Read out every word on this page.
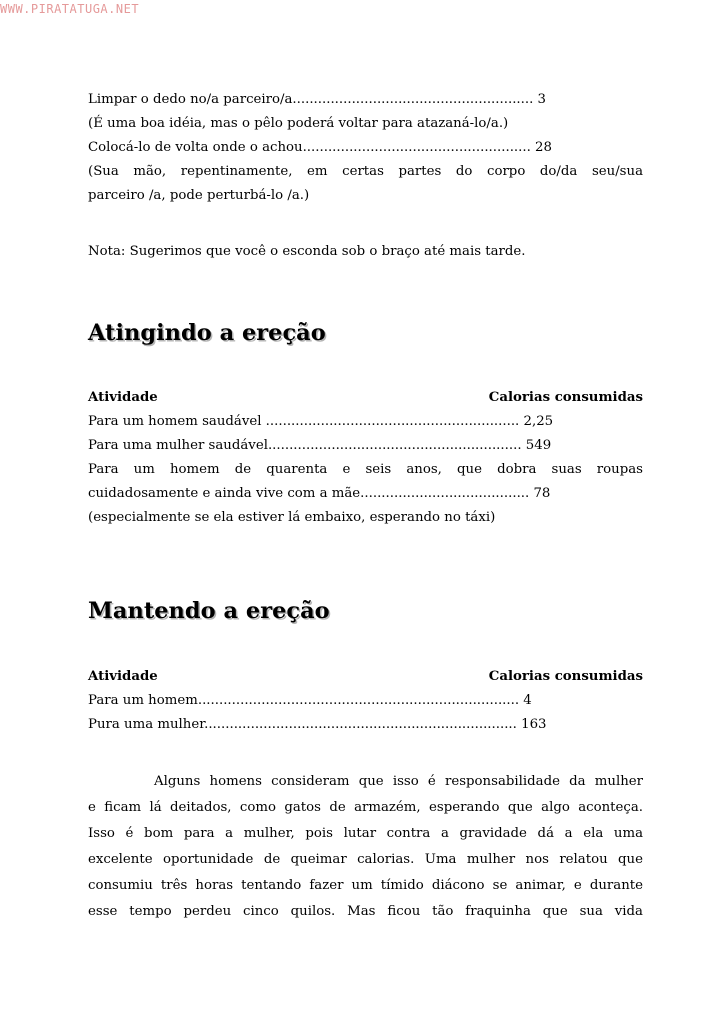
WWW.PIRATATUGA.NET
Limpar o dedo no/a parceiro/a......................................................... 3
(É uma boa idéia, mas o pêlo poderá voltar para atazaná-lo/a.)
Colocá-lo de volta onde o achou...................................................... 28
(Sua mão, repentinamente, em certas partes do corpo do/da seu/sua
parceiro /a, pode perturbá-lo /a.)
Nota: Sugerimos que você o esconda sob o braço até mais tarde.
Atingindo a ereção
Atividade	Calorias consumidas
Para um homem saudável ............................................................ 2,25
Para uma mulher saudável............................................................ 549
Para um homem de quarenta e seis anos, que dobra suas roupas
cuidadosamente e ainda vive com a mãe........................................ 78
(especialmente se ela estiver lá embaixo, esperando no táxi)
Mantendo a ereção
Atividade	Calorias consumidas
Para um homem............................................................................ 4
Pura uma mulher.......................................................................... 163
Alguns homens consideram que isso é responsabilidade da mulher
e ficam lá deitados, como gatos de armazém, esperando que algo aconteça.
Isso é bom para a mulher, pois lutar contra a gravidade dá a ela uma
excelente oportunidade de queimar calorias. Uma mulher nos relatou que
consumiu três horas tentando fazer um tímido diácono se animar, e durante
esse tempo perdeu cinco quilos. Mas ficou tão fraquinha que sua vida
